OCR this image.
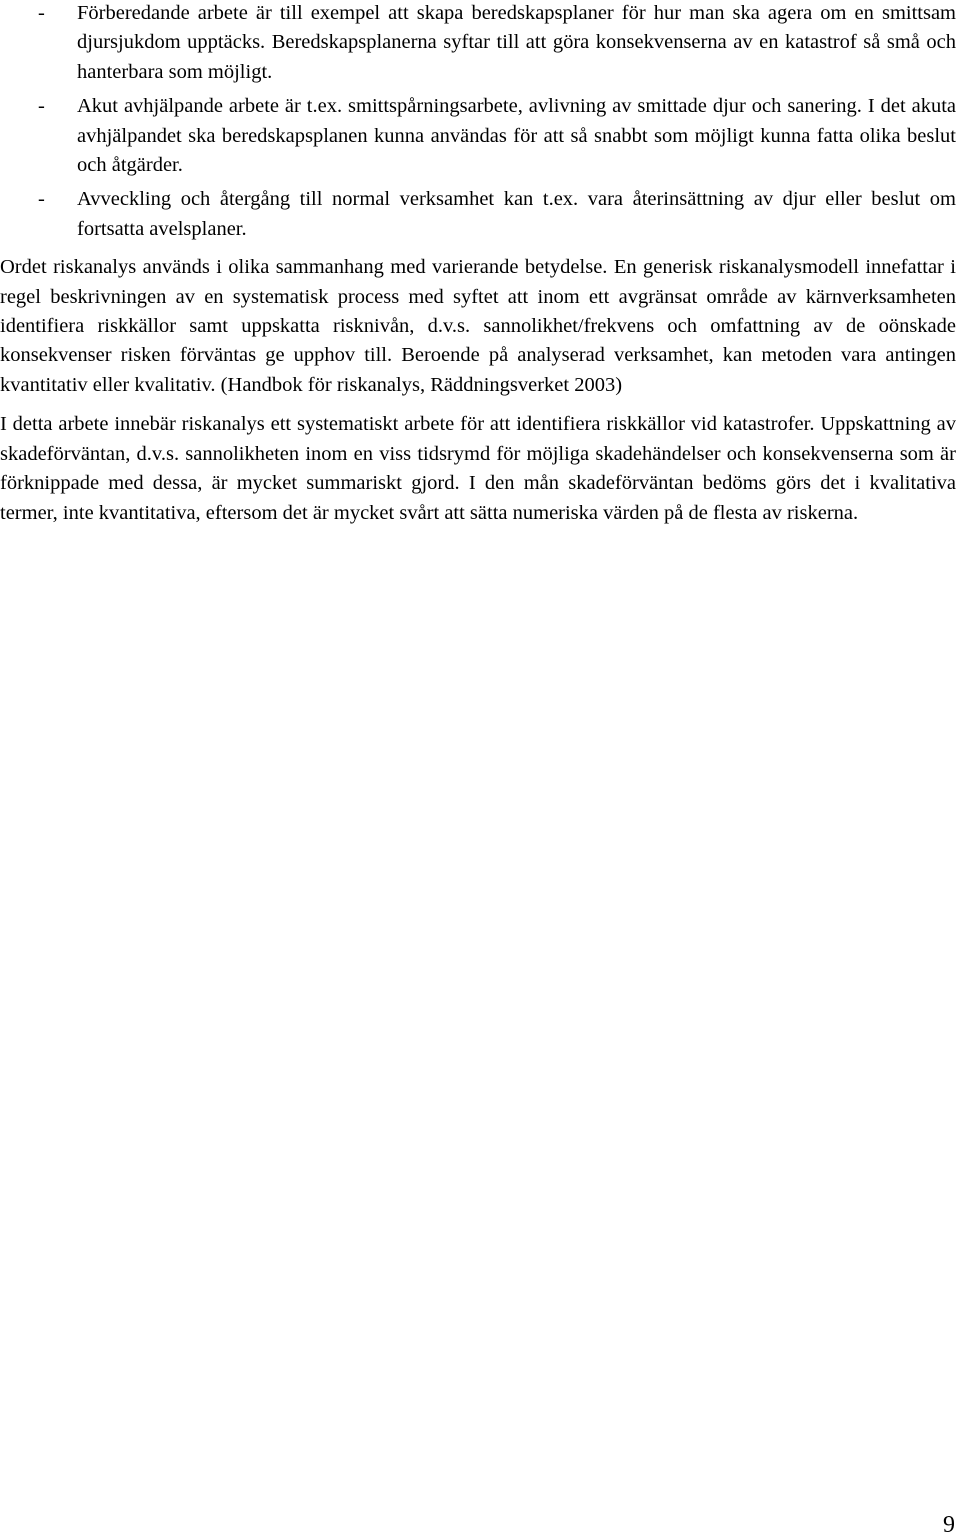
- Förberedande arbete är till exempel att skapa beredskapsplaner för hur man ska agera om en smittsam djursjukdom upptäcks. Beredskapsplanerna syftar till att göra konsekvenserna av en katastrof så små och hanterbara som möjligt.
- Akut avhjälpande arbete är t.ex. smittspårningsarbete, avlivning av smittade djur och sanering. I det akuta avhjälpandet ska beredskapsplanen kunna användas för att så snabbt som möjligt kunna fatta olika beslut och åtgärder.
- Avveckling och återgång till normal verksamhet kan t.ex. vara återinsättning av djur eller beslut om fortsatta avelsplaner.

Ordet riskanalys används i olika sammanhang med varierande betydelse. En generisk riskanalysmodell innefattar i regel beskrivningen av en systematisk process med syftet att inom ett avgränsat område av kärnverksamheten identifiera riskkällor samt uppskatta risknivån, d.v.s. sannolikhet/frekvens och omfattning av de oönskade konsekvenser risken förväntas ge upphov till. Beroende på analyserad verksamhet, kan metoden vara antingen kvantitativ eller kvalitativ. (Handbok för riskanalys, Räddningsverket 2003)

I detta arbete innebär riskanalys ett systematiskt arbete för att identifiera riskkällor vid katastrofer. Uppskattning av skadeförväntan, d.v.s. sannolikheten inom en viss tidsrymd för möjliga skadehändelser och konsekvenserna som är förknippade med dessa, är mycket summariskt gjord. I den mån skadeförväntan bedöms görs det i kvalitativa termer, inte kvantitativa, eftersom det är mycket svårt att sätta numeriska värden på de flesta av riskerna.

9
